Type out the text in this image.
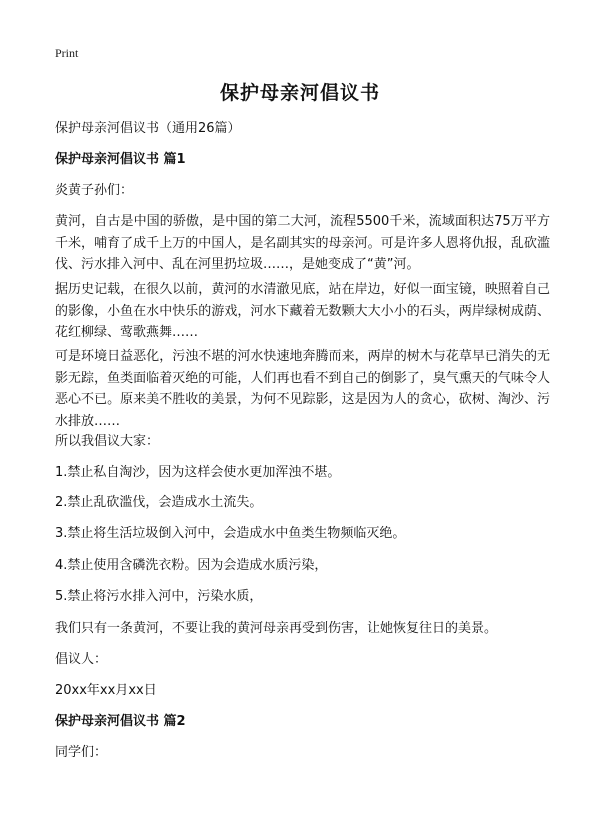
Print
保护母亲河倡议书
保护母亲河倡议书（通用26篇）
保护母亲河倡议书 篇1
炎黄子孙们：
黄河，自古是中国的骄傲，是中国的第二大河，流程5500千米，流域面积达75万平方千米，哺育了成千上万的中国人，是名副其实的母亲河。可是许多人恩将仇报，乱砍滥伐、污水排入河中、乱在河里扔垃圾……，是她变成了“黄”河。
据历史记载，在很久以前，黄河的水清澈见底，站在岸边，好似一面宝镜，映照着自己的影像，小鱼在水中快乐的游戏，河水下藏着无数颗大大小小的石头，两岸绿树成荫、花红柳绿、莺歌燕舞……
可是环境日益恶化，污浊不堪的河水快速地奔腾而来，两岸的树木与花草早已消失的无影无踪，鱼类面临着灭绝的可能，人们再也看不到自己的倒影了，臭气熏天的气味令人恶心不已。原来美不胜收的美景，为何不见踪影，这是因为人的贪心，砍树、淘沙、污水排放……
所以我倡议大家：
1.禁止私自淘沙，因为这样会使水更加浑浊不堪。
2.禁止乱砍滥伐，会造成水土流失。
3.禁止将生活垃圾倒入河中，会造成水中鱼类生物频临灭绝。
4.禁止使用含磷洗衣粉。因为会造成水质污染，
5.禁止将污水排入河中，污染水质，
我们只有一条黄河，不要让我的黄河母亲再受到伤害，让她恢复往日的美景。
倡议人：
20xx年xx月xx日
保护母亲河倡议书 篇2
同学们：
